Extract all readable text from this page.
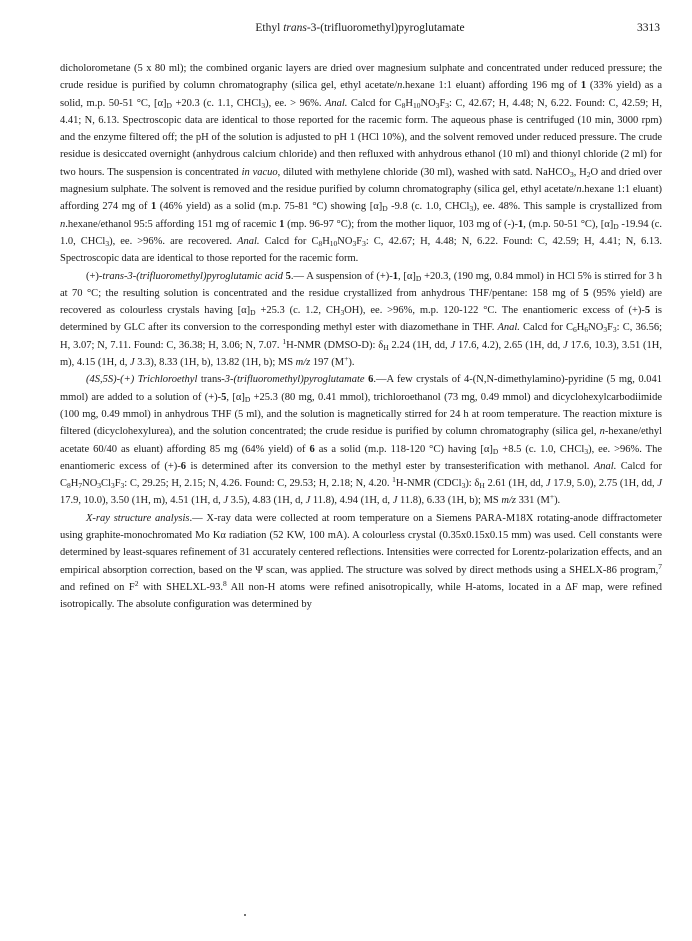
Ethyl trans-3-(trifluoromethyl)pyroglutamate	3313

dicholorometane (5 x 80 ml); the combined organic layers are dried over magnesium sulphate and concentrated under reduced pressure; the crude residue is purified by column chromatography (silica gel, ethyl acetate/n.hexane 1:1 eluant) affording 196 mg of 1 (33% yield) as a solid, m.p. 50-51 °C, $[\alpha]_D +20.3$ (c. 1.1, CHCl$_3$), ee. > 96%. Anal. Calcd for $C_8H_{10}NO_3F_3$: C, 42.67; H, 4.48; N, 6.22. Found: C, 42.59; H, 4.41; N, 6.13. Spectroscopic data are identical to those reported for the racemic form. The aqueous phase is centrifuged (10 min, 3000 rpm) and the enzyme filtered off; the pH of the solution is adjusted to pH 1 (HCl 10%), and the solvent removed under reduced pressure. The crude residue is desiccated overnight (anhydrous calcium chloride) and then refluxed with anhydrous ethanol (10 ml) and thionyl chloride (2 ml) for two hours. The suspension is concentrated in vacuo, diluted with methylene chloride (30 ml), washed with satd. NaHCO$_3$, $H_2O$ and dried over magnesium sulphate. The solvent is removed and the residue purified by column chromatography (silica gel, ethyl acetate/n.hexane 1:1 eluant) affording 274 mg of 1 (46% yield) as a solid (m.p. 75-81 °C) showing $[\alpha]_D$ -9.8 (c. 1.0, CHCl$_3$), ee. 48%. This sample is crystallized from n.hexane/ethanol 95:5 affording 151 mg of racemic 1 (mp. 96-97 °C); from the mother liquor, 103 mg of (-)-1, (m.p. 50-51 °C), $[\alpha]_D$ -19.94 (c. 1.0, CHCl$_3$), ee. >96%. are recovered. Anal. Calcd for $C_8H_{10}NO_3F_3$: C, 42.67; H, 4.48; N, 6.22. Found: C, 42.59; H, 4.41; N, 6.13. Spectroscopic data are identical to those reported for the racemic form.

(+)-trans-3-(trifluoromethyl)pyroglutamic acid 5.— A suspension of (+)-1, $[\alpha]_D +20.3$, (190 mg, 0.84 mmol) in HCl 5% is stirred for 3 h at 70 °C; the resulting solution is concentrated and the residue crystallized from anhydrous THF/pentane: 158 mg of 5 (95% yield) are recovered as colourless crystals having $[\alpha]_D +25.3$ (c. 1.2, $CH_3OH$), ee. >96%, m.p. 120-122 °C. The enantiomeric excess of (+)-5 is determined by GLC after its conversion to the corresponding methyl ester with diazomethane in THF. Anal. Calcd for $C_6H_6NO_3F_3$: C, 36.56; H, 3.07; N, 7.11. Found: C, 36.38; H, 3.06; N, 7.07. $^1$H-NMR (DMSO-D): $\delta_H$ 2.24 (1H, dd, J 17.6, 4.2), 2.65 (1H, dd, J 17.6, 10.3), 3.51 (1H, m), 4.15 (1H, d, J 3.3), 8.33 (1H, b), 13.82 (1H, b); MS m/z 197 (M+).

(4S,5S)-(+) Trichloroethyl trans-3-(trifluoromethyl)pyroglutamate 6.—A few crystals of 4-(N,N-dimethylamino)-pyridine (5 mg, 0.041 mmol) are added to a solution of (+)-5, $[\alpha]_D +25.3$ (80 mg, 0.41 mmol), trichloroethanol (73 mg, 0.49 mmol) and dicyclohexylcarbodiimide (100 mg, 0.49 mmol) in anhydrous THF (5 ml), and the solution is magnetically stirred for 24 h at room temperature. The reaction mixture is filtered (dicyclohexylurea), and the solution concentrated; the crude residue is purified by column chromatography (silica gel, n-hexane/ethyl acetate 60/40 as eluant) affording 85 mg (64% yield) of 6 as a solid (m.p. 118-120 °C) having $[\alpha]_D +8.5$ (c. 1.0, CHCl$_3$), ee. >96%. The enantiomeric excess of (+)-6 is determined after its conversion to the methyl ester by transesterification with methanol. Anal. Calcd for $C_8H_7NO_3Cl_3F_3$: C, 29.25; H, 2.15; N, 4.26. Found: C, 29.53; H, 2.18; N, 4.20. $^1$H-NMR (CDCl$_3$): $\delta_H$ 2.61 (1H, dd, J 17.9, 5.0), 2.75 (1H, dd, J 17.9, 10.0), 3.50 (1H, m), 4.51 (1H, d, J 3.5), 4.83 (1H, d, J 11.8), 4.94 (1H, d, J 11.8), 6.33 (1H, b); MS m/z 331 (M+).

X-ray structure analysis.— X-ray data were collected at room temperature on a Siemens PARA-M18X rotating-anode diffractometer using graphite-monochromated Mo Kα radiation (52 KW, 100 mA). A colourless crystal (0.35x0.15x0.15 mm) was used. Cell constants were determined by least-squares refinement of 31 accurately centered reflections. Intensities were corrected for Lorentz-polarization effects, and an empirical absorption correction, based on the Ψ scan, was applied. The structure was solved by direct methods using a SHELX-86 program,$^7$ and refined on $F^2$ with SHELXL-93.$^8$ All non-H atoms were refined anisotropically, while H-atoms, located in a ΔF map, were refined isotropically. The absolute configuration was determined by
